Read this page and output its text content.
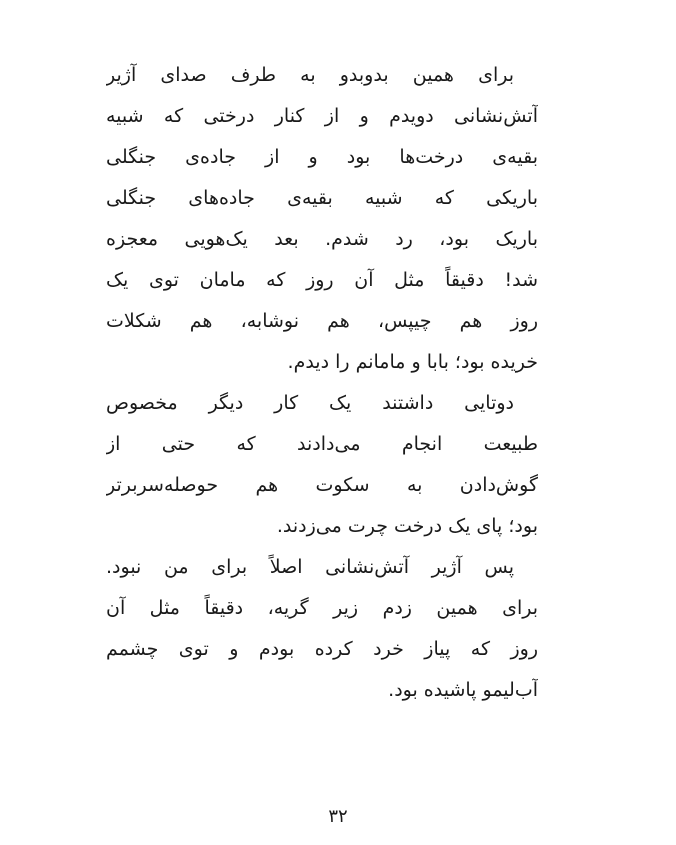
برای همین بدوبدو به طرف صدای آژیر
آتش‌نشانی دویدم و از کنار درختی که شبیه
بقیه‌ی درخت‌ها بود و از جاده‌ی جنگلی
باریکی که شبیه بقیه‌ی جاده‌های جنگلی
باریک بود، رد شدم. بعد یک‌هویی معجزه
شد! دقیقاً مثل آن روز که مامان توی یک
روز هم چیپس، هم نوشابه، هم شکلات
خریده بود؛ بابا و مامانم را دیدم.
دوتایی داشتند یک کار دیگر مخصوص
طبیعت انجام می‌دادند که حتی از
گوش‌دادن به سکوت هم حوصله‌سربرتر
بود؛ پای یک درخت چرت می‌زدند.
پس آژیر آتش‌نشانی اصلاً برای من نبود.
برای همین زدم زیر گریه، دقیقاً مثل آن
روز که پیاز خرد کرده بودم و توی چشمم
آب‌لیمو پاشیده بود.
۳۲
